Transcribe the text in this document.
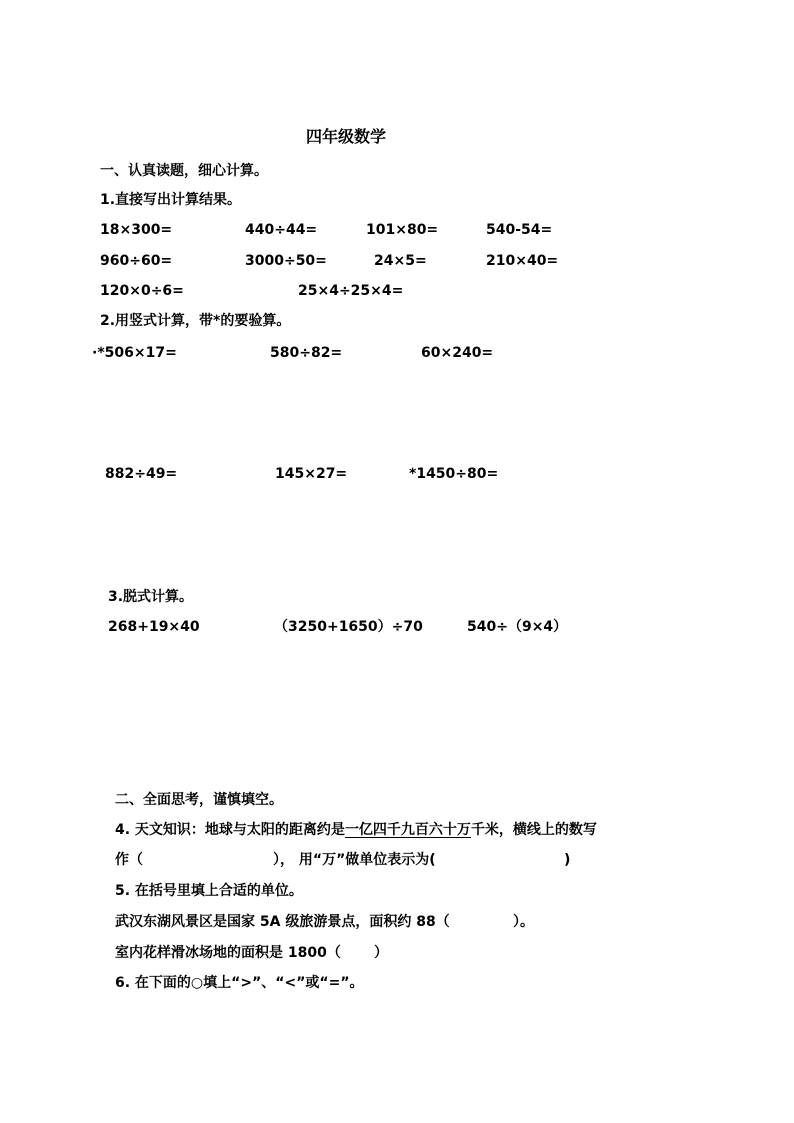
四年级数学
一、认真读题，细心计算。
1.直接写出计算结果。
18×300=	440÷44=	101×80=	540-54=
960÷60=	3000÷50=	24×5=	210×40=
120×0÷6=	25×4÷25×4=
2.用竖式计算，带*的要验算。
·*506×17=	580÷82=	60×240=
882÷49=	145×27=	*1450÷80=
3.脱式计算。
268+19×40	（3250+1650）÷70	540÷（9×4）
二、全面思考，谨慎填空。
4. 天文知识：地球与太阳的距离约是一亿四千九百六十万千米，横线上的数写
作（	）， 用“万”做单位表示为(	)
5. 在括号里填上合适的单位。
武汉东湖风景区是国家 5A 级旅游景点，面积约 88（	）。
室内花样滑冰场地的面积是 1800（ ）
6. 在下面的○填上“>”、“<”或“=”。
